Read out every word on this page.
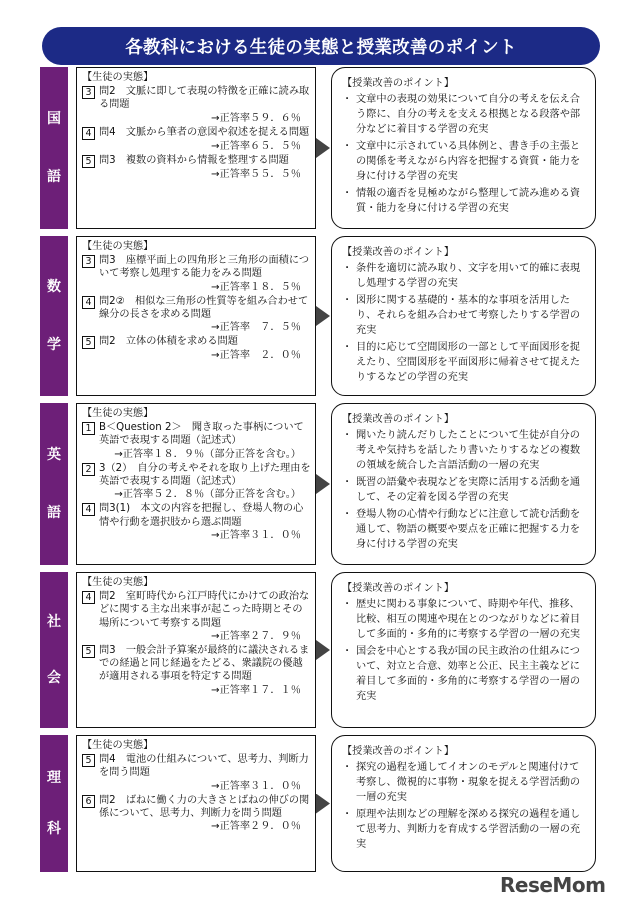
各教科における生徒の実態と授業改善のポイント
国
語
【生徒の実態】
3 問2　文脈に即して表現の特徴を正確に読み取る問題
→正答率５９．６％
4 問4　文脈から筆者の意図や叙述を捉える問題
→正答率６５．５％
5 問3　複数の資料から情報を整理する問題
→正答率５５．５％
【授業改善のポイント】
・ 文章中の表現の効果について自分の考えを伝え合う際に、自分の考えを支える根拠となる段落や部分などに着目する学習の充実
・ 文章中に示されている具体例と、書き手の主張との関係を考えながら内容を把握する資質・能力を身に付ける学習の充実
・ 情報の適否を見極めながら整理して読み進める資質・能力を身に付ける学習の充実
数
学
【生徒の実態】
3 問3　座標平面上の四角形と三角形の面積について考察し処理する能力をみる問題
→正答率１８．５％
4 問2②　相似な三角形の性質等を組み合わせて線分の長さを求める問題
→正答率　７．５％
5 問2　立体の体積を求める問題
→正答率　２．０％
【授業改善のポイント】
・ 条件を適切に読み取り、文字を用いて的確に表現し処理する学習の充実
・ 図形に関する基礎的・基本的な事項を活用したり、それらを組み合わせて考察したりする学習の充実
・ 目的に応じて空間図形の一部として平面図形を捉えたり、空間図形を平面図形に帰着させて捉えたりするなどの学習の充実
英
語
【生徒の実態】
1 B＜Question 2＞　聞き取った事柄について英語で表現する問題（記述式）
→正答率１８．９％（部分正答を含む。）
2 3（2）　自分の考えやそれを取り上げた理由を英語で表現する問題（記述式）
→正答率５２．８％（部分正答を含む。）
4 問3(1)　本文の内容を把握し、登場人物の心情や行動を選択肢から選ぶ問題
→正答率３１．０％
【授業改善のポイント】
・ 聞いたり読んだりしたことについて生徒が自分の考えや気持ちを話したり書いたりするなどの複数の領域を統合した言語活動の一層の充実
・ 既習の語彙や表現などを実際に活用する活動を通して、その定着を図る学習の充実
・ 登場人物の心情や行動などに注意して読む活動を通して、物語の概要や要点を正確に把握する力を身に付ける学習の充実
社
会
【生徒の実態】
4 問2　室町時代から江戸時代にかけての政治などに関する主な出来事が起こった時期とその場所について考察する問題
→正答率２７．９％
5 問3　一般会計予算案が最終的に議決されるまでの経過と同じ経過をたどる、衆議院の優越が適用される事項を特定する問題
→正答率１７．１％
【授業改善のポイント】
・ 歴史に関わる事象について、時期や年代、推移、比較、相互の関連や現在とのつながりなどに着目して多面的・多角的に考察する学習の一層の充実
・ 国会を中心とする我が国の民主政治の仕組みについて、対立と合意、効率と公正、民主主義などに着目して多面的・多角的に考察する学習の一層の充実
理
科
【生徒の実態】
5 問4　電池の仕組みについて、思考力、判断力を問う問題
→正答率３１．０％
6 問2　ばねに働く力の大きさとばねの伸びの関係について、思考力、判断力を問う問題
→正答率２９．０％
【授業改善のポイント】
・ 探究の過程を通してイオンのモデルと関連付けて考察し、微視的に事物・現象を捉える学習活動の一層の充実
・ 原理や法則などの理解を深める探究の過程を通して思考力、判断力を育成する学習活動の一層の充実
ReseMom
